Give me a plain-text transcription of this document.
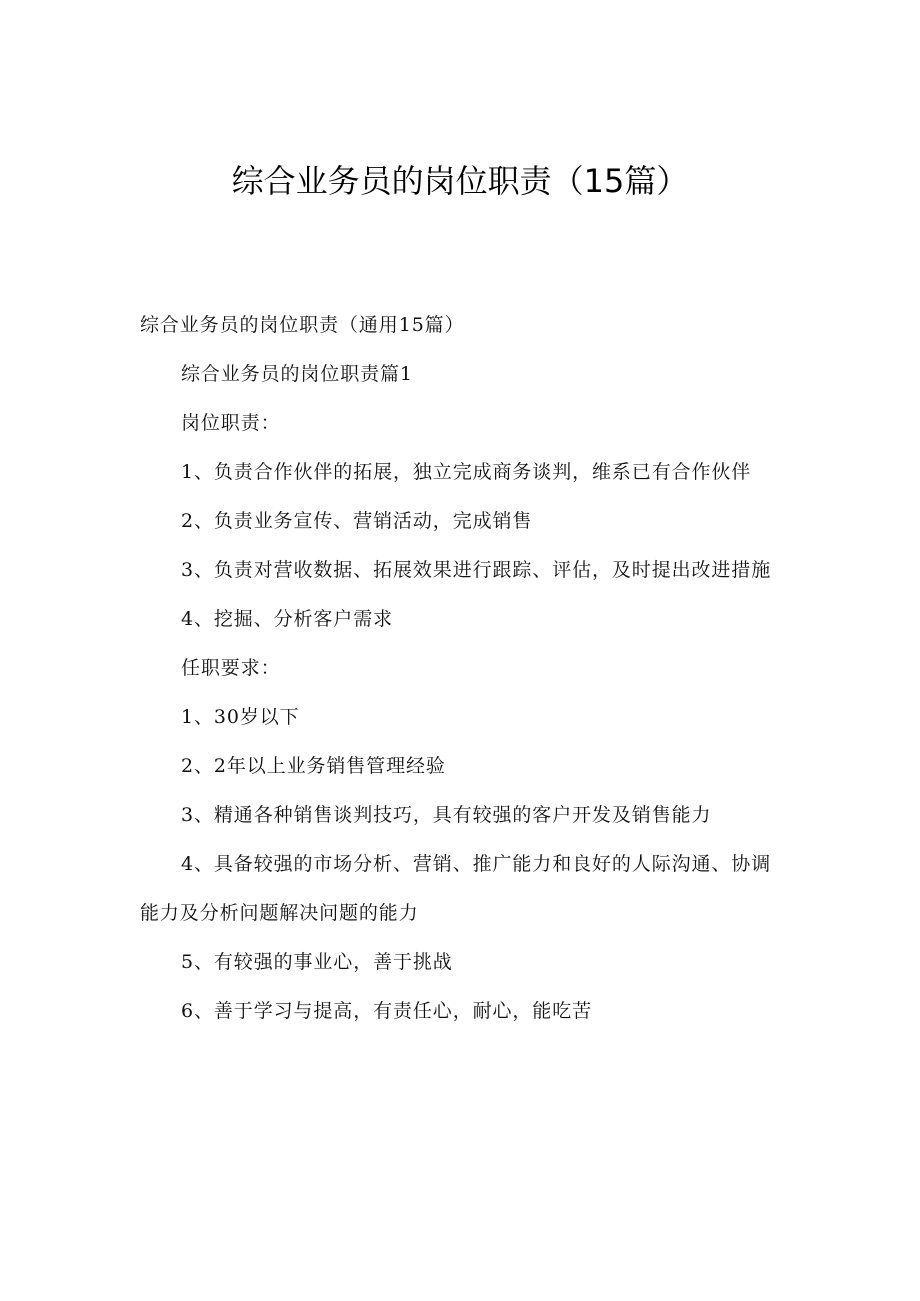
综合业务员的岗位职责（15篇）
综合业务员的岗位职责（通用15篇）
综合业务员的岗位职责篇1
岗位职责：
1、负责合作伙伴的拓展，独立完成商务谈判，维系已有合作伙伴
2、负责业务宣传、营销活动，完成销售
3、负责对营收数据、拓展效果进行跟踪、评估，及时提出改进措施
4、挖掘、分析客户需求
任职要求：
1、30岁以下
2、2年以上业务销售管理经验
3、精通各种销售谈判技巧，具有较强的客户开发及销售能力
4、具备较强的市场分析、营销、推广能力和良好的人际沟通、协调
能力及分析问题解决问题的能力
5、有较强的事业心，善于挑战
6、善于学习与提高，有责任心，耐心，能吃苦
